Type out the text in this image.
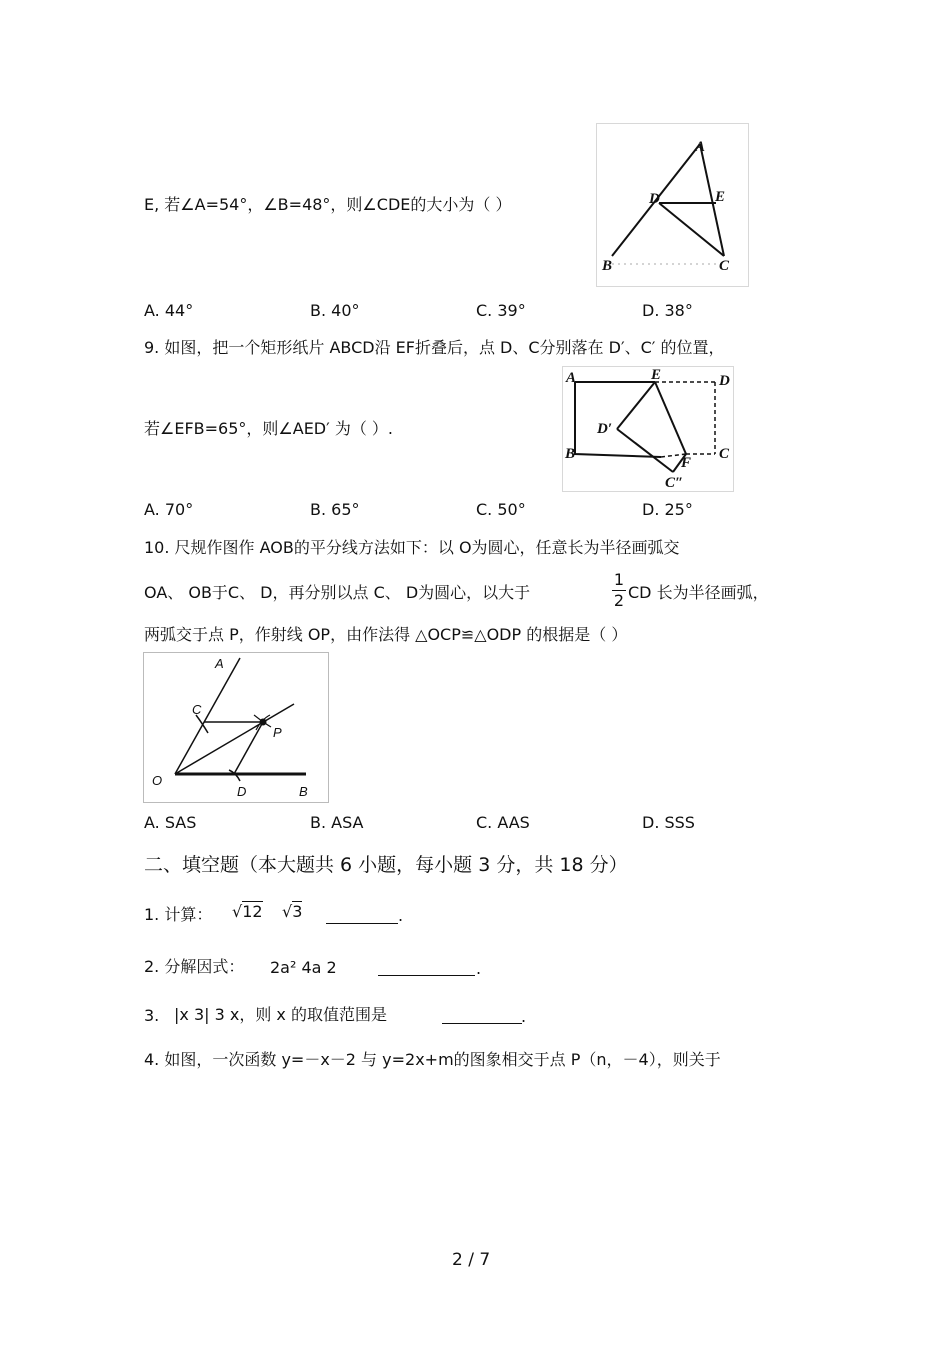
E, 若∠A=54°，∠B=48°，则∠CDE的大小为（ ）
A
D	E
B	C
A. 44°	B. 40°	C. 39°	D. 38°
9. 如图，把一个矩形纸片 ABCD沿 EF折叠后，点 D、C分别落在 D′、C′ 的位置，
若∠EFB=65°，则∠AED′ 为（ ）.
A	E	D
D′
B
F
C
C″
A. 70°	B. 65°	C. 50°	D. 25°
10. 尺规作图作 AOB的平分线方法如下：以 O为圆心，任意长为半径画弧交
OA、 OB于C、 D，再分别以点 C、 D为圆心，以大于
1
2 CD 长为半径画弧，
两弧交于点 P，作射线 OP，由作法得 △OCP≌△ODP 的根据是（ ）
A
C
P
O
D	B
A. SAS	B. ASA	C. AAS	D. SSS
二、填空题（本大题共 6 小题，每小题 3 分，共 18 分）
1. 计算： √12 √3	.
2. 分解因式： 2a² 4a 2	.
3. |x 3| 3 x，则 x 的取值范围是	.
4. 如图，一次函数 y=－x－2 与 y=2x+m的图象相交于点 P（n，－4），则关于
2 / 7
